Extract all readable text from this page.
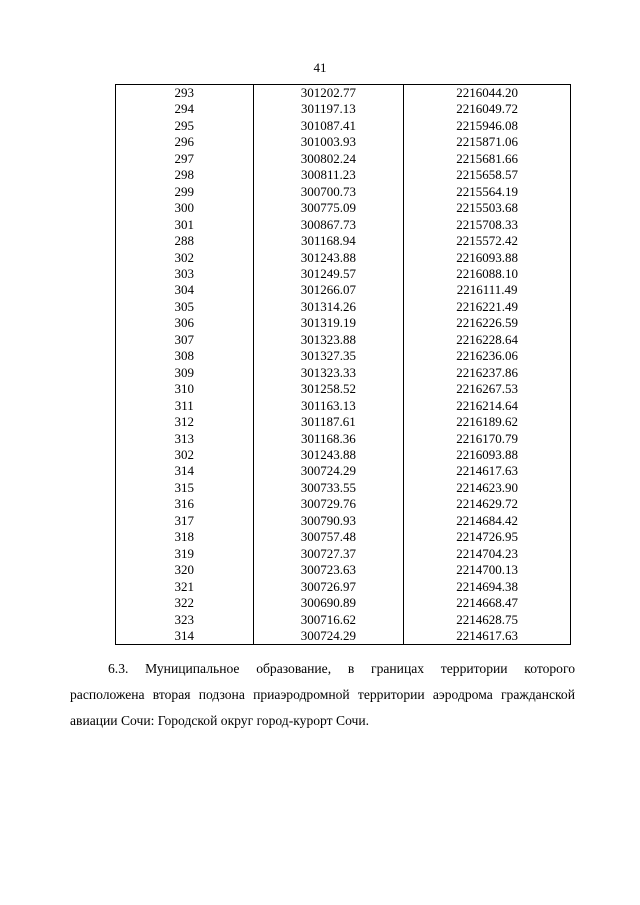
41
293	301202.77	2216044.20
294	301197.13	2216049.72
295	301087.41	2215946.08
296	301003.93	2215871.06
297	300802.24	2215681.66
298	300811.23	2215658.57
299	300700.73	2215564.19
300	300775.09	2215503.68
301	300867.73	2215708.33
288	301168.94	2215572.42
302	301243.88	2216093.88
303	301249.57	2216088.10
304	301266.07	2216111.49
305	301314.26	2216221.49
306	301319.19	2216226.59
307	301323.88	2216228.64
308	301327.35	2216236.06
309	301323.33	2216237.86
310	301258.52	2216267.53
311	301163.13	2216214.64
312	301187.61	2216189.62
313	301168.36	2216170.79
302	301243.88	2216093.88
314	300724.29	2214617.63
315	300733.55	2214623.90
316	300729.76	2214629.72
317	300790.93	2214684.42
318	300757.48	2214726.95
319	300727.37	2214704.23
320	300723.63	2214700.13
321	300726.97	2214694.38
322	300690.89	2214668.47
323	300716.62	2214628.75
314	300724.29	2214617.63
6.3. Муниципальное образование, в границах территории которого
расположена вторая подзона приаэродромной территории аэродрома гражданской
авиации Сочи: Городской округ город-курорт Сочи.
